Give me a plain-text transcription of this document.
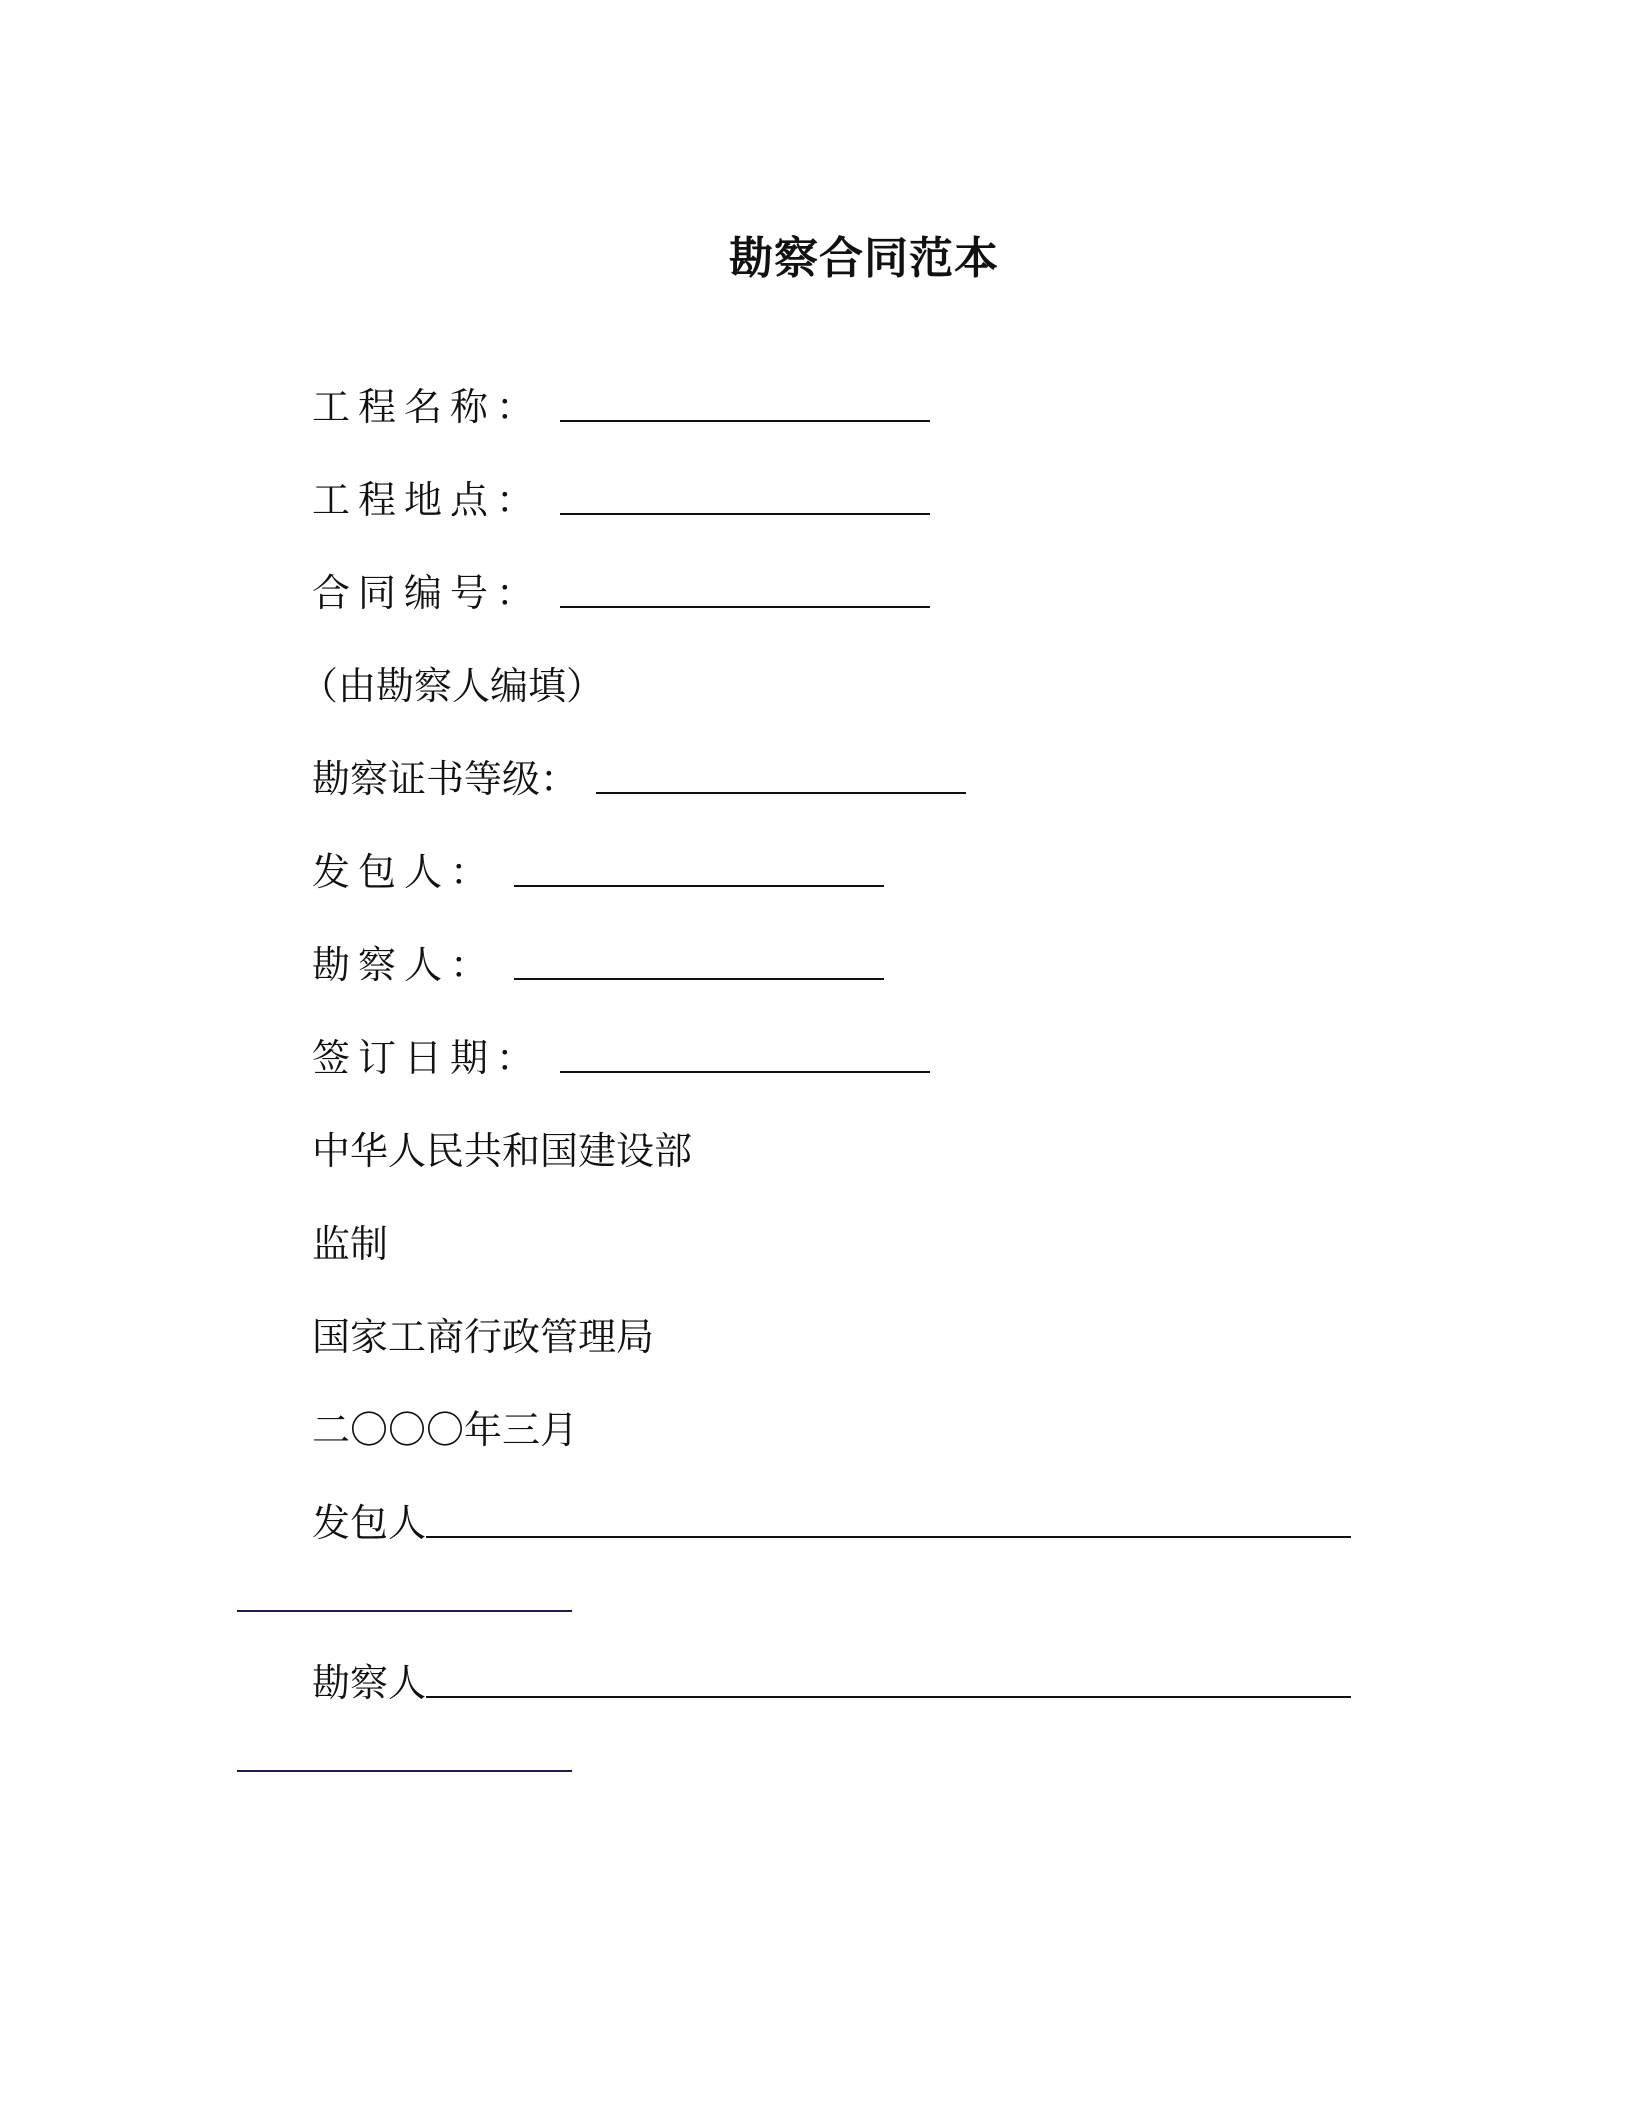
勘察合同范本
工程名称：
工程地点：
合同编号：
（由勘察人编填）
勘察证书等级：
发包人：
勘察人：
签订日期：
中华人民共和国建设部
监制
国家工商行政管理局
二〇〇〇年三月
发包人
勘察人
